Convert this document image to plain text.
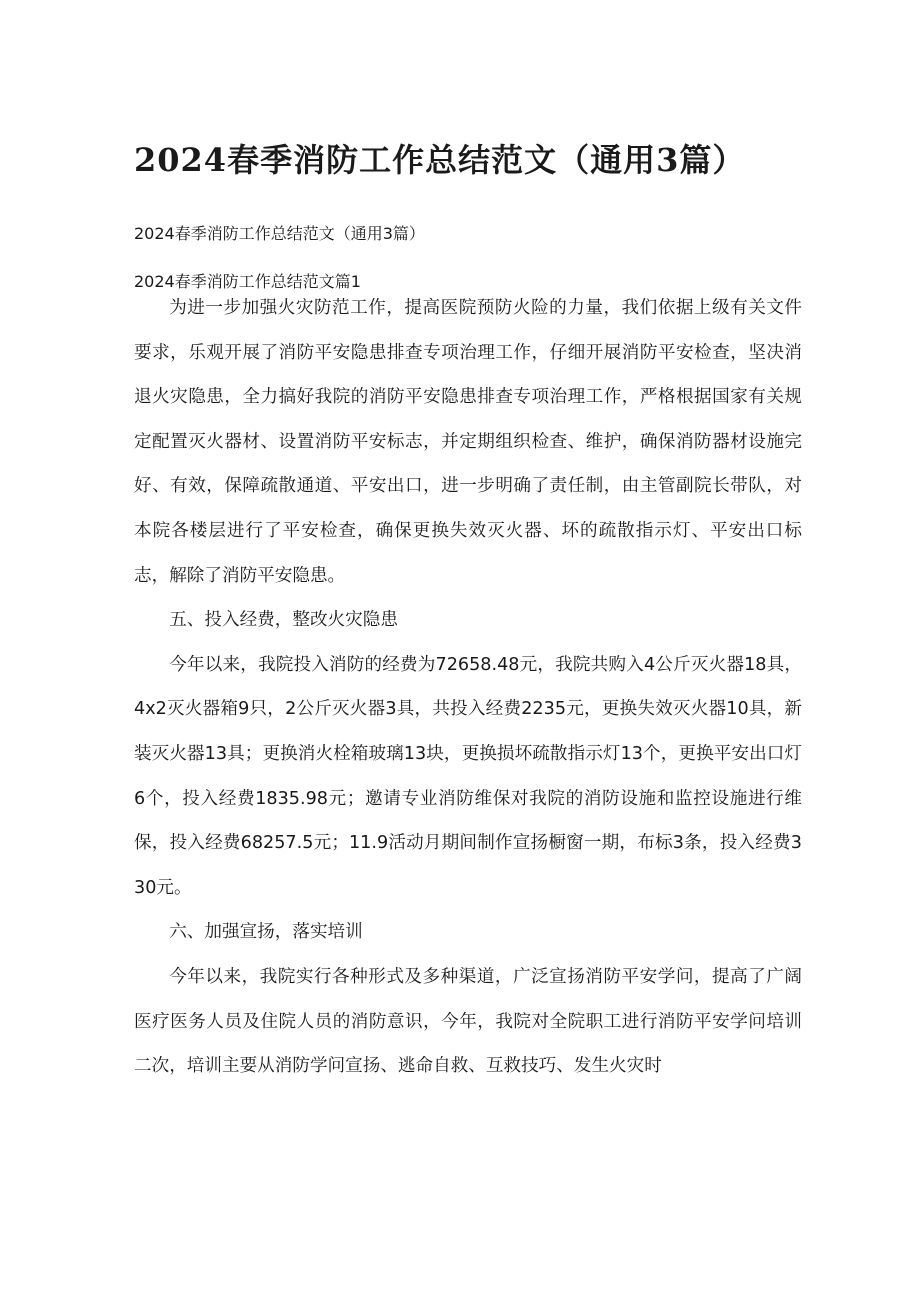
2024春季消防工作总结范文（通用3篇）

2024春季消防工作总结范文（通用3篇）

2024春季消防工作总结范文篇1

为进一步加强火灾防范工作，提高医院预防火险的力量，我们依据上级有关文件要求，乐观开展了消防平安隐患排查专项治理工作，仔细开展消防平安检查，坚决消退火灾隐患，全力搞好我院的消防平安隐患排查专项治理工作，严格根据国家有关规定配置灭火器材、设置消防平安标志，并定期组织检查、维护，确保消防器材设施完好、有效，保障疏散通道、平安出口，进一步明确了责任制，由主管副院长带队，对本院各楼层进行了平安检查，确保更换失效灭火器、坏的疏散指示灯、平安出口标志，解除了消防平安隐患。

五、投入经费，整改火灾隐患

今年以来，我院投入消防的经费为72658.48元，我院共购入4公斤灭火器18具，4x2灭火器箱9只，2公斤灭火器3具，共投入经费2235元，更换失效灭火器10具，新装灭火器13具；更换消火栓箱玻璃13块，更换损坏疏散指示灯13个，更换平安出口灯6个，投入经费1835.98元；邀请专业消防维保对我院的消防设施和监控设施进行维保，投入经费68257.5元；11.9活动月期间制作宣扬橱窗一期，布标3条，投入经费330元。

六、加强宣扬，落实培训

今年以来，我院实行各种形式及多种渠道，广泛宣扬消防平安学问，提高了广阔医疗医务人员及住院人员的消防意识，今年，我院对全院职工进行消防平安学问培训二次，培训主要从消防学问宣扬、逃命自救、互救技巧、发生火灾时
